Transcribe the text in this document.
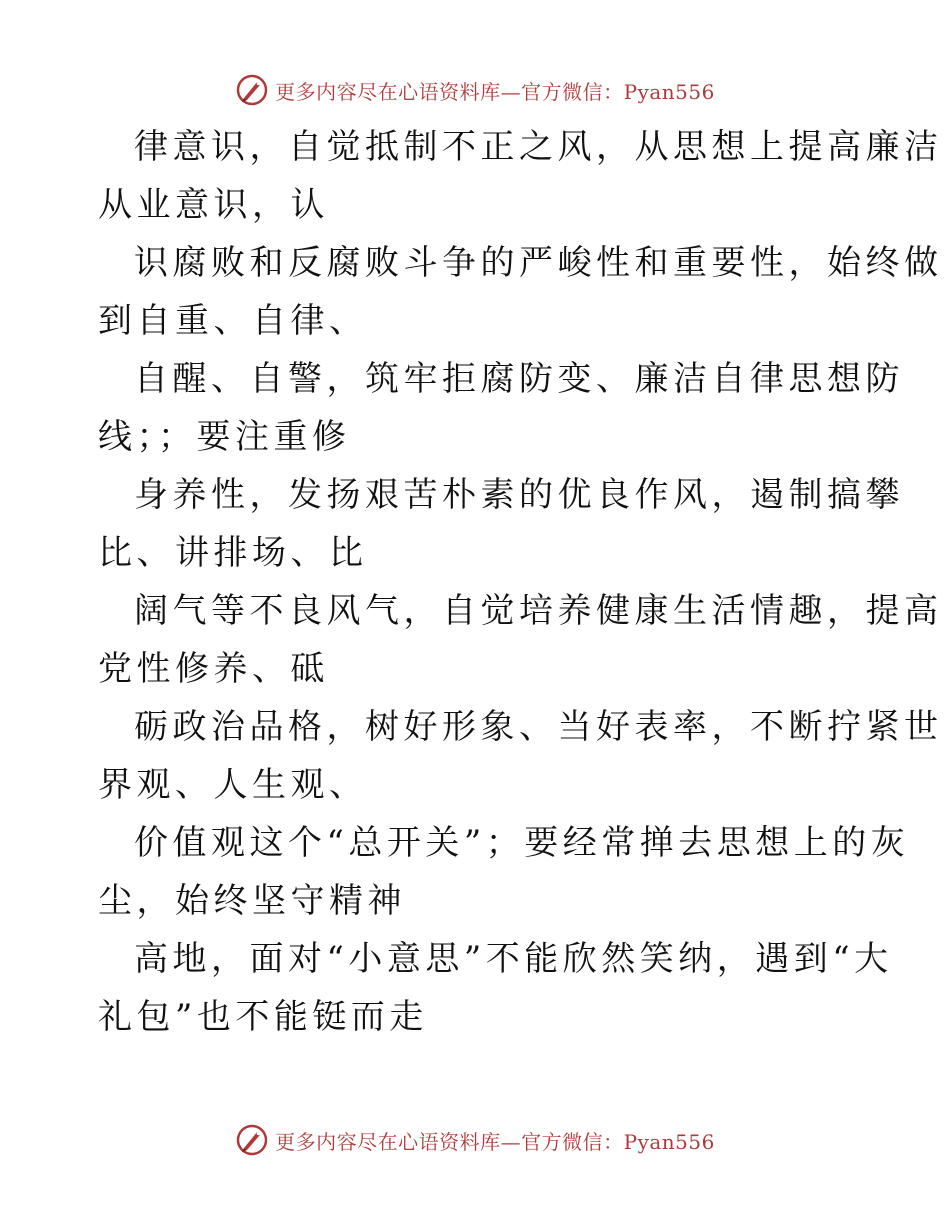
更多内容尽在心语资料库—官方微信：Pyan556
律意识，自觉抵制不正之风，从思想上提高廉洁
从业意识，认
识腐败和反腐败斗争的严峻性和重要性，始终做
到自重、自律、
自醒、自警，筑牢拒腐防变、廉洁自律思想防
线；；要注重修
身养性，发扬艰苦朴素的优良作风，遏制搞攀
比、讲排场、比
阔气等不良风气，自觉培养健康生活情趣，提高
党性修养、砥
砺政治品格，树好形象、当好表率，不断拧紧世
界观、人生观、
价值观这个“总开关”；要经常掸去思想上的灰
尘，始终坚守精神
高地，面对“小意思”不能欣然笑纳，遇到“大
礼包”也不能铤而走
更多内容尽在心语资料库—官方微信：Pyan556
